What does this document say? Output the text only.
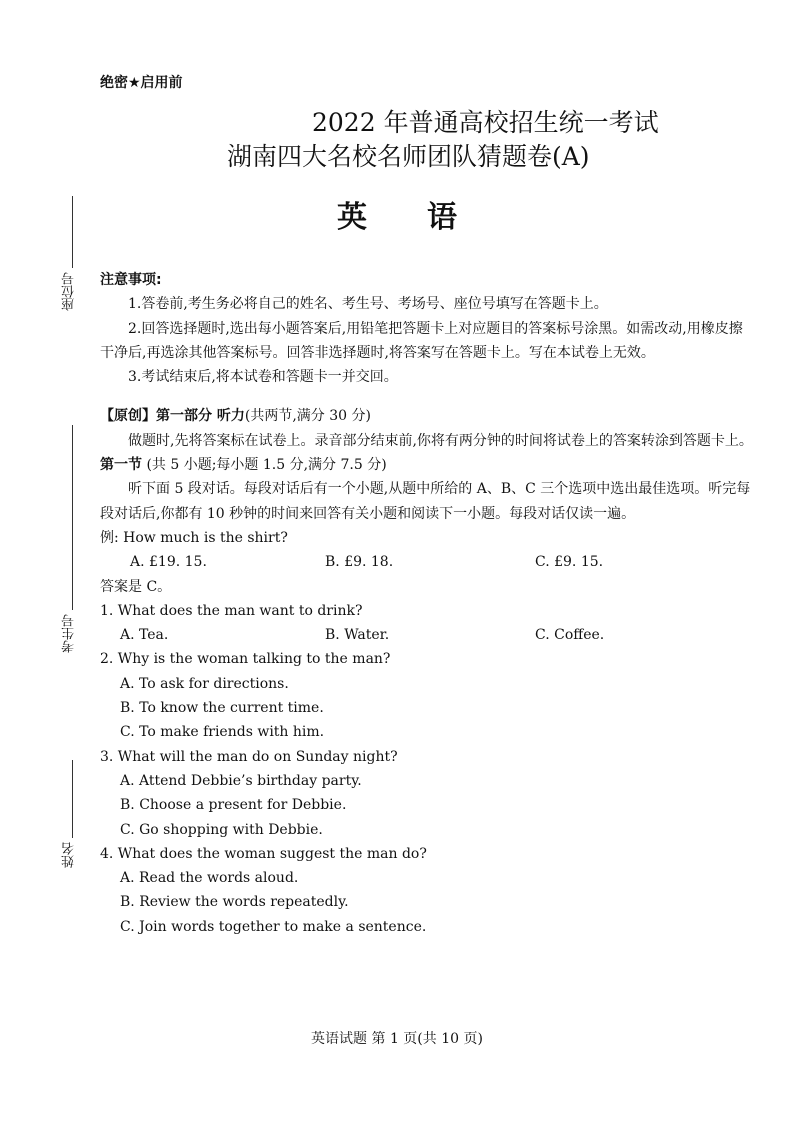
绝密★启用前
2022 年普通高校招生统一考试
湖南四大名校名师团队猜题卷(A)
英语
座位号
考生号
姓名

注意事项:

1.答卷前,考生务必将自己的姓名、考生号、考场号、座位号填写在答题卡上。

2.回答选择题时,选出每小题答案后,用铅笔把答题卡上对应题目的答案标号涂黑。如需改动,用橡皮擦干净后,再选涂其他答案标号。回答非选择题时,将答案写在答题卡上。写在本试卷上无效。

3.考试结束后,将本试卷和答题卡一并交回。

【原创】第一部分 听力(共两节,满分 30 分)

做题时,先将答案标在试卷上。录音部分结束前,你将有两分钟的时间将试卷上的答案转涂到答题卡上。

第一节 (共 5 小题;每小题 1.5 分,满分 7.5 分)

听下面 5 段对话。每段对话后有一个小题,从题中所给的 A、B、C 三个选项中选出最佳选项。听完每段对话后,你都有 10 秒钟的时间来回答有关小题和阅读下一小题。每段对话仅读一遍。

例: How much is the shirt?

A. £19. 15.	B. £9. 18.	C. £9. 15.

答案是 C。

1. What does the man want to drink?

A. Tea.	B. Water.	C. Coffee.

2. Why is the woman talking to the man?

A. To ask for directions.

B. To know the current time.

C. To make friends with him.

3. What will the man do on Sunday night?

A. Attend Debbie’s birthday party.

B. Choose a present for Debbie.

C. Go shopping with Debbie.

4. What does the woman suggest the man do?

A. Read the words aloud.

B. Review the words repeatedly.

C. Join words together to make a sentence.

英语试题 第 1 页(共 10 页)
